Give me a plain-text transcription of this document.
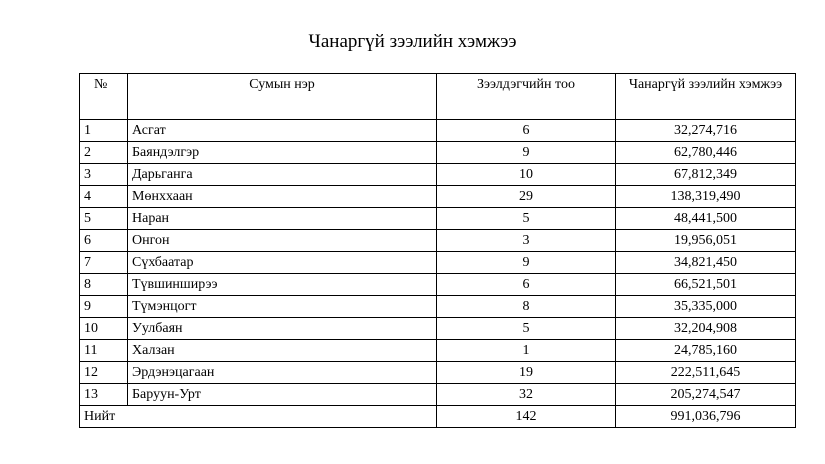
Чанаргүй зээлийн хэмжээ
№	Сумын нэр	Зээлдэгчийн тоо	Чанаргүй зээлийн хэмжээ
1	Асгат	6	32,274,716
2	Баяндэлгэр	9	62,780,446
3	Дарьганга	10	67,812,349
4	Мөнххаан	29	138,319,490
5	Наран	5	48,441,500
6	Онгон	3	19,956,051
7	Сүхбаатар	9	34,821,450
8	Түвшинширээ	6	66,521,501
9	Түмэнцогт	8	35,335,000
10	Уулбаян	5	32,204,908
11	Халзан	1	24,785,160
12	Эрдэнэцагаан	19	222,511,645
13	Баруун-Урт	32	205,274,547
Нийт		142	991,036,796
